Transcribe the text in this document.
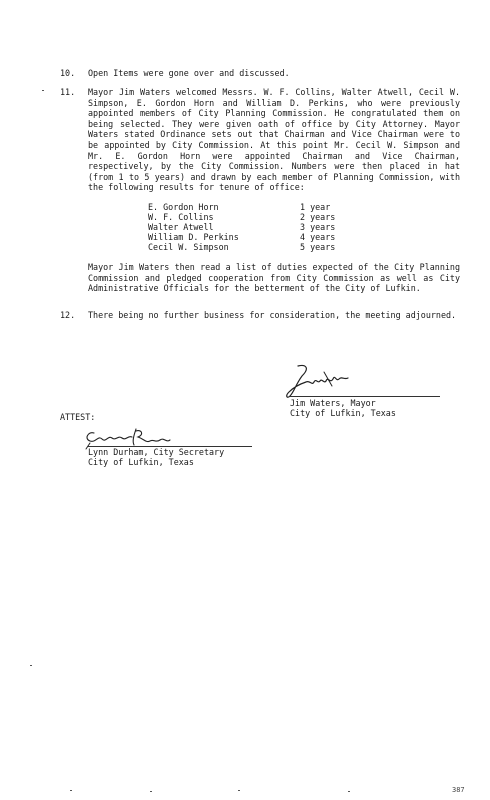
10. Open Items were gone over and discussed.
11. Mayor Jim Waters welcomed Messrs. W. F. Collins, Walter Atwell, Cecil W. Simpson, E. Gordon Horn and William D. Perkins, who were previously appointed members of City Planning Commission. He congratulated them on being selected. They were given oath of office by City Attorney. Mayor Waters stated Ordinance sets out that Chairman and Vice Chairman were to be appointed by City Commission. At this point Mr. Cecil W. Simpson and Mr. E. Gordon Horn were appointed Chairman and Vice Chairman, respectively, by the City Commission. Numbers were then placed in hat (from 1 to 5 years) and drawn by each member of Planning Commission, with the following results for tenure of office:
E. Gordon Horn	1 year
W. F. Collins	2 years
Walter Atwell	3 years
William D. Perkins	4 years
Cecil W. Simpson	5 years
Mayor Jim Waters then read a list of duties expected of the City Planning Commission and pledged cooperation from City Commission as well as City Administrative Officials for the betterment of the City of Lufkin.
12. There being no further business for consideration, the meeting adjourned.
Jim Waters, Mayor
City of Lufkin, Texas
ATTEST:
Lynn Durham, City Secretary
City of Lufkin, Texas
387
